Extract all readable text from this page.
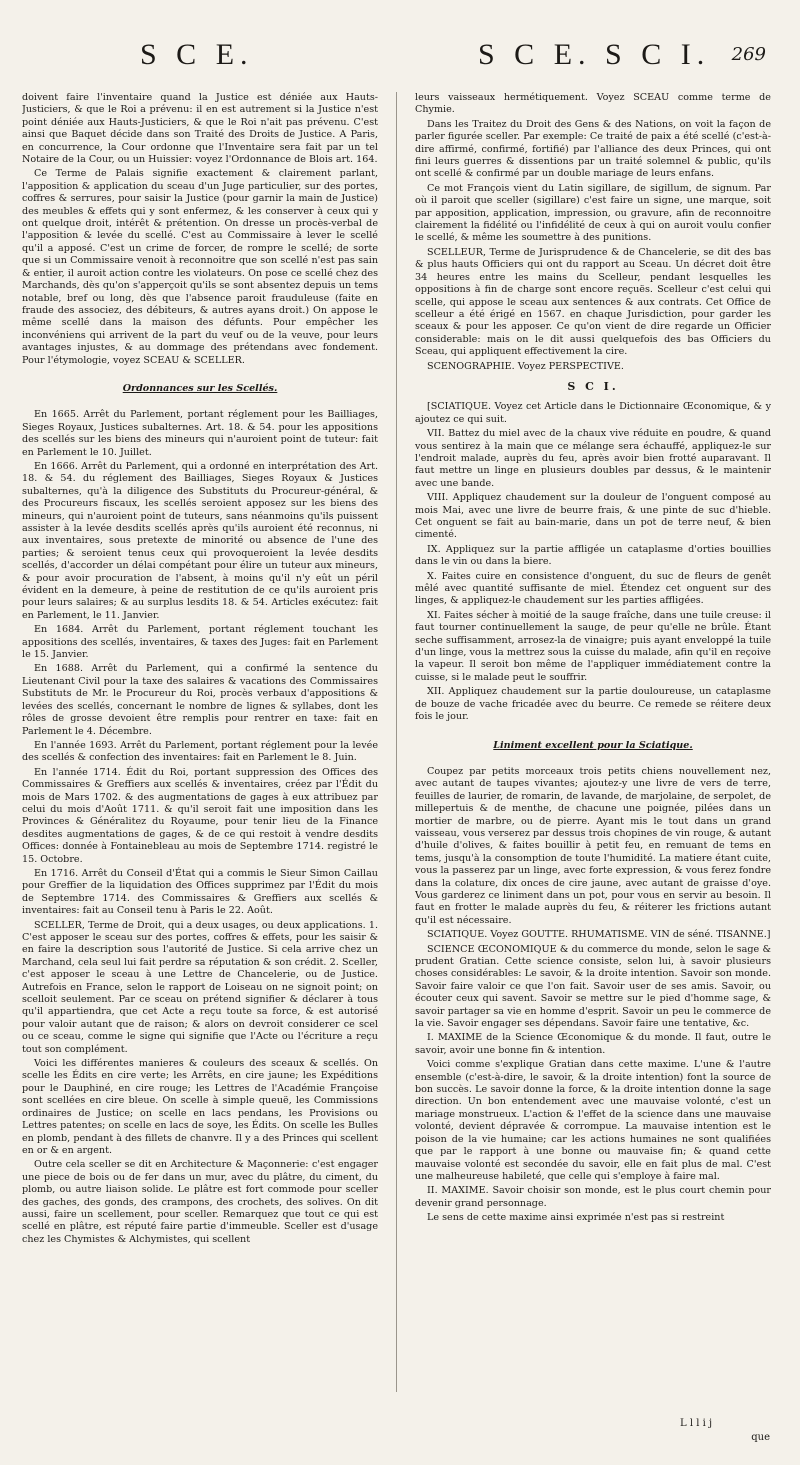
S C E.	S C E. S C I. 269

doivent faire l'inventaire quand la Justice est déniée aux Hauts-Justiciers, & que le Roi a prévenu: il en est autrement si la Justice n'est point déniée aux Hauts-Justiciers, & que le Roi n'ait pas prévenu. C'est ainsi que Baquet décide dans son Traité des Droits de Justice. A Paris, en concurrence, la Cour ordonne que l'Inventaire sera fait par un tel Notaire de la Cour, ou un Huissier: voyez l'Ordonnance de Blois art. 164.

Ce Terme de Palais signifie exactement & clairement parlant, l'apposition & application du sceau d'un Juge particulier, sur des portes, coffres & serrures, pour saisir la Justice (pour garnir la main de Justice) des meubles & effets qui y sont enfermez, & les conserver à ceux qui y ont quelque droit, intérêt & prétention. On dresse un procès-verbal de l'apposition & levée du scellé. C'est au Commissaire à lever le scellé qu'il a apposé. C'est un crime de forcer, de rompre le scellé; de sorte que si un Commissaire venoit à reconnoitre que son scellé n'est pas sain & entier, il auroit action contre les violateurs. On pose ce scellé chez des Marchands, dès qu'on s'apperçoit qu'ils se sont absentez depuis un tems notable, bref ou long, dès que l'absence paroit frauduleuse (faite en fraude des associez, des débiteurs, & autres ayans droit.) On appose le même scellé dans la maison des défunts. Pour empêcher les inconvéniens qui arrivent de la part du veuf ou de la veuve, pour leurs avantages injustes, & au dommage des prétendans avec fondement. Pour l'étymologie, voyez SCEAU & SCELLER.

Ordonnances sur les Scellés.

En 1665. Arrêt du Parlement, portant réglement pour les Bailliages, Sieges Royaux, Justices subalternes. Art. 18. & 54. pour les appositions des scellés sur les biens des mineurs qui n'auroient point de tuteur: fait en Parlement le 10. Juillet.

En 1666. Arrêt du Parlement, qui a ordonné en interprétation des Art. 18. & 54. du réglement des Bailliages, Sieges Royaux & Justices subalternes, qu'à la diligence des Substituts du Procureur-général, & des Procureurs fiscaux, les scellés seroient apposez sur les biens des mineurs, qui n'auroient point de tuteurs, sans néanmoins qu'ils puissent assister à la levée desdits scellés après qu'ils auroient été reconnus, ni aux inventaires, sous pretexte de minorité ou absence de l'une des parties; & seroient tenus ceux qui provoqueroient la levée desdits scellés, d'accorder un délai compétant pour élire un tuteur aux mineurs, & pour avoir procuration de l'absent, à moins qu'il n'y eût un péril évident en la demeure, à peine de restitution de ce qu'ils auroient pris pour leurs salaires; & au surplus lesdits 18. & 54. Articles exécutez: fait en Parlement, le 11. Janvier.

En 1684. Arrêt du Parlement, portant réglement touchant les appositions des scellés, inventaires, & taxes des Juges: fait en Parlement le 15. Janvier.

En 1688. Arrêt du Parlement, qui a confirmé la sentence du Lieutenant Civil pour la taxe des salaires & vacations des Commissaires Substituts de Mr. le Procureur du Roi, procès verbaux d'appositions & levées des scellés, concernant le nombre de lignes & syllabes, dont les rôles de grosse devoient être remplis pour rentrer en taxe: fait en Parlement le 4. Décembre.

En l'année 1693. Arrêt du Parlement, portant réglement pour la levée des scellés & confection des inventaires: fait en Parlement le 8. Juin.

En l'année 1714. Édit du Roi, portant suppression des Offices des Commissaires & Greffiers aux scellés & inventaires, créez par l'Édit du mois de Mars 1702. & des augmentations de gages à eux attribuez par celui du mois d'Août 1711. & qu'il seroit fait une imposition dans les Provinces & Généralitez du Royaume, pour tenir lieu de la Finance desdites augmentations de gages, & de ce qui restoit à vendre desdits Offices: donnée à Fontainebleau au mois de Septembre 1714. registré le 15. Octobre.

En 1716. Arrêt du Conseil d'État qui a commis le Sieur Simon Caillau pour Greffier de la liquidation des Offices supprimez par l'Édit du mois de Septembre 1714. des Commissaires & Greffiers aux scellés & inventaires: fait au Conseil tenu à Paris le 22. Août.

SCELLER, Terme de Droit, qui a deux usages, ou deux applications. 1. C'est apposer le sceau sur des portes, coffres & effets, pour les saisir & en faire la description sous l'autorité de Justice. Si cela arrive chez un Marchand, cela seul lui fait perdre sa réputation & son crédit. 2. Sceller, c'est apposer le sceau à une Lettre de Chancelerie, ou de Justice. Autrefois en France, selon le rapport de Loiseau on ne signoit point; on scelloit seulement. Par ce sceau on prétend signifier & déclarer à tous qu'il appartiendra, que cet Acte a reçu toute sa force, & est autorisé pour valoir autant que de raison; & alors on devroit considerer ce scel ou ce sceau, comme le signe qui signifie que l'Acte ou l'écriture a reçu tout son complément.

Voici les différentes manieres & couleurs des sceaux & scellés. On scelle les Édits en cire verte; les Arrêts, en cire jaune; les Expéditions pour le Dauphiné, en cire rouge; les Lettres de l'Académie Françoise sont scellées en cire bleue. On scelle à simple queuë, les Commissions ordinaires de Justice; on scelle en lacs pendans, les Provisions ou Lettres patentes; on scelle en lacs de soye, les Édits. On scelle les Bulles en plomb, pendant à des fillets de chanvre. Il y a des Princes qui scellent en or & en argent.

Outre cela sceller se dit en Architecture & Maçonnerie: c'est engager une piece de bois ou de fer dans un mur, avec du plâtre, du ciment, du plomb, ou autre liaison solide. Le plâtre est fort commode pour sceller des gaches, des gonds, des crampons, des crochets, des solives. On dit aussi, faire un scellement, pour sceller. Remarquez que tout ce qui est scellé en plâtre, est réputé faire partie d'immeuble. Sceller est d'usage chez les Chymistes & Alchymistes, qui scellent

leurs vaisseaux hermétiquement. Voyez SCEAU comme terme de Chymie.

Dans les Traitez du Droit des Gens & des Nations, on voit la façon de parler figurée sceller. Par exemple: Ce traité de paix a été scellé (c'est-à-dire affirmé, confirmé, fortifié) par l'alliance des deux Princes, qui ont fini leurs guerres & dissentions par un traité solemnel & public, qu'ils ont scellé & confirmé par un double mariage de leurs enfans.

Ce mot François vient du Latin sigillare, de sigillum, de signum. Par où il paroit que sceller (sigillare) c'est faire un signe, une marque, soit par apposition, application, impression, ou gravure, afin de reconnoitre clairement la fidélité ou l'infidélité de ceux à qui on auroit voulu confier le scellé, & même les soumettre à des punitions.

SCELLEUR, Terme de Jurisprudence & de Chancelerie, se dit des bas & plus hauts Officiers qui ont du rapport au Sceau. Un décret doit être 34 heures entre les mains du Scelleur, pendant lesquelles les oppositions à fin de charge sont encore reçuës. Scelleur c'est celui qui scelle, qui appose le sceau aux sentences & aux contrats. Cet Office de scelleur a été érigé en 1567. en chaque Jurisdiction, pour garder les sceaux & pour les apposer. Ce qu'on vient de dire regarde un Officier considerable: mais on le dit aussi quelquefois des bas Officiers du Sceau, qui appliquent effectivement la cire.

SCENOGRAPHIE. Voyez PERSPECTIVE.

S C I.

[SCIATIQUE. Voyez cet Article dans le Dictionnaire Œconomique, & y ajoutez ce qui suit.

VII. Battez du miel avec de la chaux vive réduite en poudre, & quand vous sentirez à la main que ce mélange sera échauffé, appliquez-le sur l'endroit malade, auprès du feu, après avoir bien frotté auparavant. Il faut mettre un linge en plusieurs doubles par dessus, & le maintenir avec une bande.

VIII. Appliquez chaudement sur la douleur de l'onguent composé au mois Mai, avec une livre de beurre frais, & une pinte de suc d'hieble. Cet onguent se fait au bain-marie, dans un pot de terre neuf, & bien cimenté.

IX. Appliquez sur la partie affligée un cataplasme d'orties bouillies dans le vin ou dans la biere.

X. Faites cuire en consistence d'onguent, du suc de fleurs de genêt mêlé avec quantité suffisante de miel. Étendez cet onguent sur des linges, & appliquez-le chaudement sur les parties affligées.

XI. Faites sécher à moitié de la sauge fraîche, dans une tuile creuse: il faut tourner continuellement la sauge, de peur qu'elle ne brûle. Étant seche suffisamment, arrosez-la de vinaigre; puis ayant enveloppé la tuile d'un linge, vous la mettrez sous la cuisse du malade, afin qu'il en reçoive la vapeur. Il seroit bon même de l'appliquer immédiatement contre la cuisse, si le malade peut le souffrir.

XII. Appliquez chaudement sur la partie douloureuse, un cataplasme de bouze de vache fricadée avec du beurre. Ce remede se réitere deux fois le jour.

Liniment excellent pour la Sciatique.

Coupez par petits morceaux trois petits chiens nouvellement nez, avec autant de taupes vivantes; ajoutez-y une livre de vers de terre, feuilles de laurier, de romarin, de lavande, de marjolaine, de serpolet, de millepertuis & de menthe, de chacune une poignée, pilées dans un mortier de marbre, ou de pierre. Ayant mis le tout dans un grand vaisseau, vous verserez par dessus trois chopines de vin rouge, & autant d'huile d'olives, & faites bouillir à petit feu, en remuant de tems en tems, jusqu'à la consomption de toute l'humidité. La matiere étant cuite, vous la passerez par un linge, avec forte expression, & vous ferez fondre dans la colature, dix onces de cire jaune, avec autant de graisse d'oye. Vous garderez ce liniment dans un pot, pour vous en servir au besoin. Il faut en frotter le malade auprès du feu, & réiterer les frictions autant qu'il est nécessaire.

SCIATIQUE. Voyez GOUTTE. RHUMATISME. VIN de séné. TISANNE.]

SCIENCE ŒCONOMIQUE & du commerce du monde, selon le sage & prudent Gratian. Cette science consiste, selon lui, à savoir plusieurs choses considérables: Le savoir, & la droite intention. Savoir son monde. Savoir faire valoir ce que l'on fait. Savoir user de ses amis. Savoir, ou écouter ceux qui savent. Savoir se mettre sur le pied d'homme sage, & savoir partager sa vie en homme d'esprit. Savoir un peu le commerce de la vie. Savoir engager ses dépendans. Savoir faire une tentative, &c.

I. MAXIME de la Science Œconomique & du monde. Il faut, outre le savoir, avoir une bonne fin & intention.

Voici comme s'explique Gratian dans cette maxime. L'une & l'autre ensemble (c'est-à-dire, le savoir, & la droite intention) font la source de bon succès. Le savoir donne la force, & la droite intention donne la sage direction. Un bon entendement avec une mauvaise volonté, c'est un mariage monstrueux. L'action & l'effet de la science dans une mauvaise volonté, devient dépravée & corrompue. La mauvaise intention est le poison de la vie humaine; car les actions humaines ne sont qualifiées que par le rapport à une bonne ou mauvaise fin; & quand cette mauvaise volonté est secondée du savoir, elle en fait plus de mal. C'est une malheureuse habileté, que celle qui s'employe à faire mal.

II. MAXIME. Savoir choisir son monde, est le plus court chemin pour devenir grand personnage.

Le sens de cette maxime ainsi exprimée n'est pas si restreint

L l l i j
que
